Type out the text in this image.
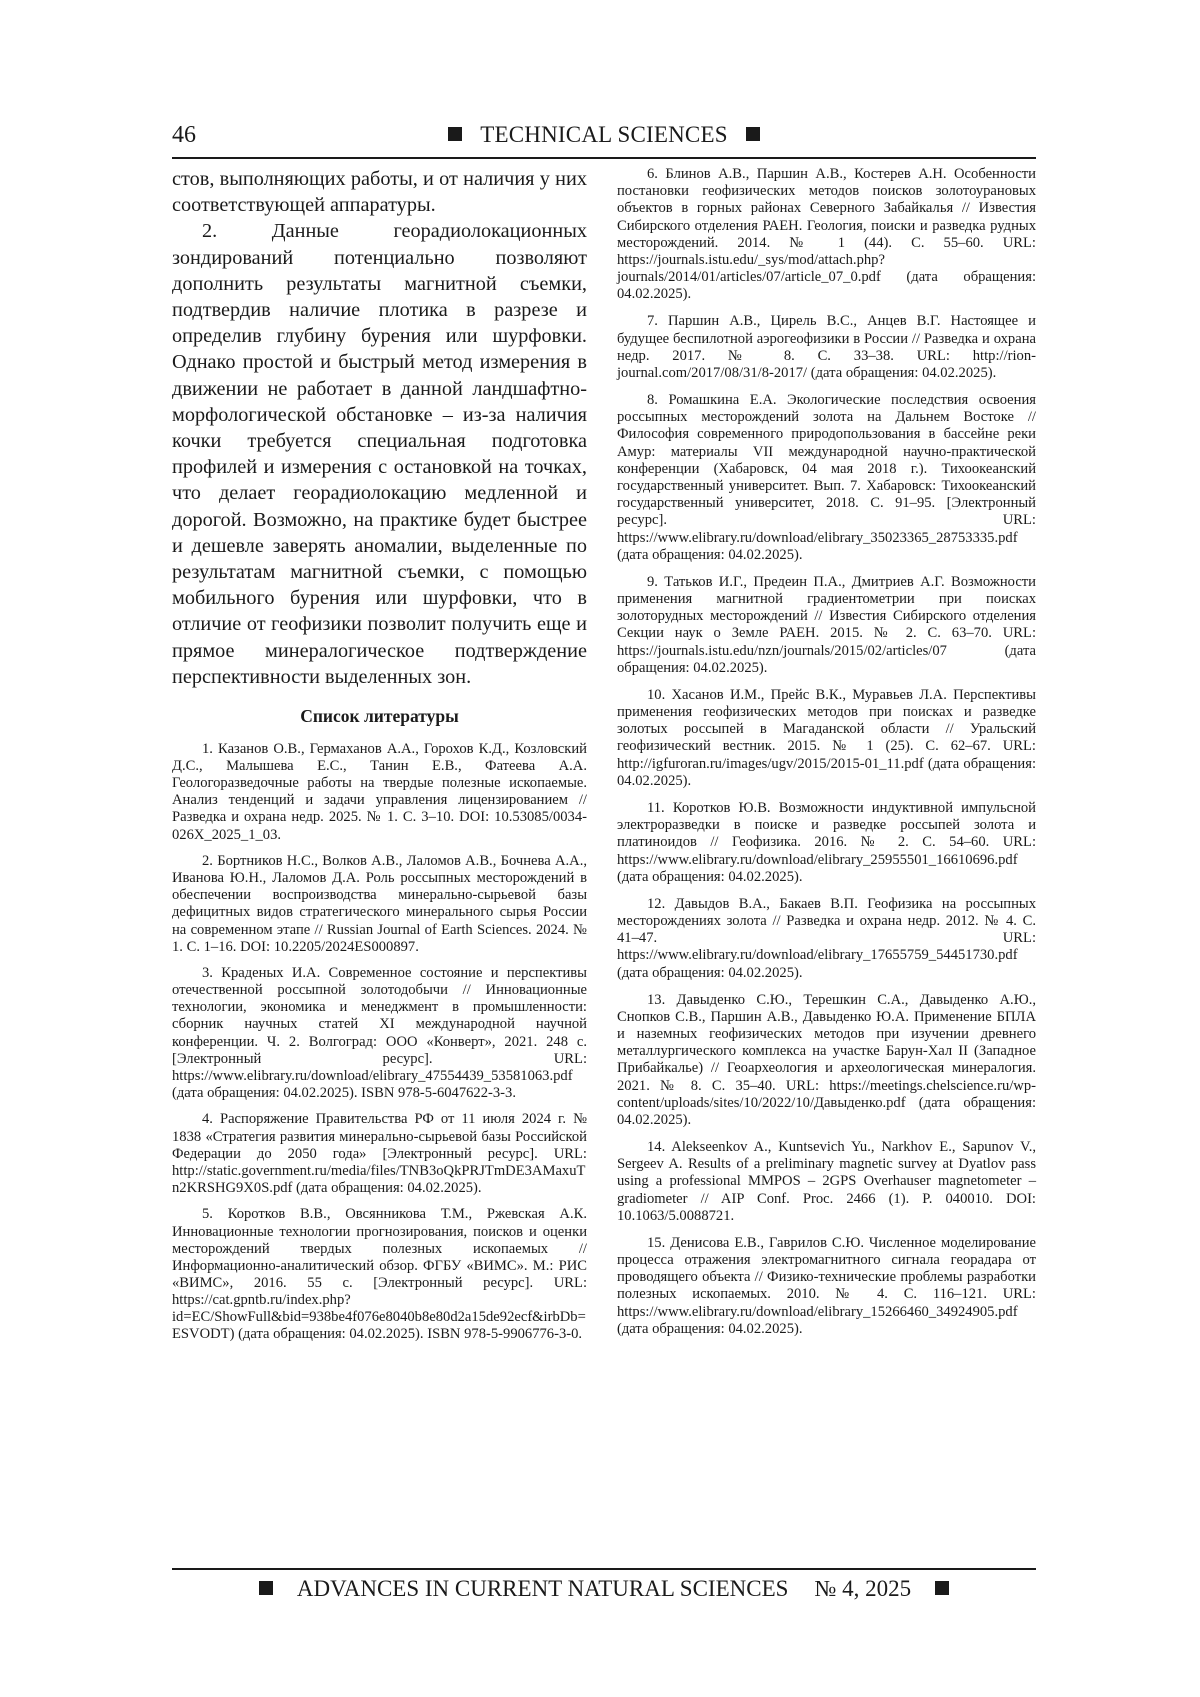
46	TECHNICAL SCIENCES

стов, выполняющих работы, и от наличия у них соответствующей аппаратуры.

2. Данные георадиолокационных зондирований потенциально позволяют дополнить результаты магнитной съемки, подтвердив наличие плотика в разрезе и определив глубину бурения или шурфовки. Однако простой и быстрый метод измерения в движении не работает в данной ландшафтно-морфологической обстановке – из-за наличия кочки требуется специальная подготовка профилей и измерения с остановкой на точках, что делает георадиолокацию медленной и дорогой. Возможно, на практике будет быстрее и дешевле заверять аномалии, выделенные по результатам магнитной съемки, с помощью мобильного бурения или шурфовки, что в отличие от геофизики позволит получить еще и прямое минералогическое подтверждение перспективности выделенных зон.

Список литературы

1. Казанов О.В., Гермаханов А.А., Горохов К.Д., Козловский Д.С., Малышева Е.С., Танин Е.В., Фатеева А.А. Геологоразведочные работы на твердые полезные ископаемые. Анализ тенденций и задачи управления лицензированием // Разведка и охрана недр. 2025. № 1. С. 3–10. DOI: 10.53085/0034-026X_2025_1_03.

2. Бортников Н.С., Волков А.В., Лаломов А.В., Бочнева А.А., Иванова Ю.Н., Лаломов Д.А. Роль россыпных месторождений в обеспечении воспроизводства минерально-сырьевой базы дефицитных видов стратегического минерального сырья России на современном этапе // Russian Journal of Earth Sciences. 2024. № 1. С. 1–16. DOI: 10.2205/2024ES000897.

3. Краденых И.А. Современное состояние и перспективы отечественной россыпной золотодобычи // Инновационные технологии, экономика и менеджмент в промышленности: сборник научных статей XI международной научной конференции. Ч. 2. Волгоград: ООО «Конверт», 2021. 248 с. [Электронный ресурс]. URL: https://www.elibrary.ru/download/elibrary_47554439_53581063.pdf (дата обращения: 04.02.2025). ISBN 978-5-6047622-3-3.

4. Распоряжение Правительства РФ от 11 июля 2024 г. № 1838 «Стратегия развития минерально-сырьевой базы Российской Федерации до 2050 года» [Электронный ресурс]. URL: http://static.government.ru/media/files/TNB3oQkPRJTmDE3AMaxuTn2KRSHG9X0S.pdf (дата обращения: 04.02.2025).

5. Коротков В.В., Овсянникова Т.М., Ржевская А.К. Инновационные технологии прогнозирования, поисков и оценки месторождений твердых полезных ископаемых // Информационно-аналитический обзор. ФГБУ «ВИМС». М.: РИС «ВИМС», 2016. 55 с. [Электронный ресурс]. URL: https://cat.gpntb.ru/index.php?id=EC/ShowFull&bid=938be4f076e8040b8e80d2a15de92ecf&irbDb=ESVODT) (дата обращения: 04.02.2025). ISBN 978-5-9906776-3-0.

6. Блинов А.В., Паршин А.В., Костерев А.Н. Особенности постановки геофизических методов поисков золотоурановых объектов в горных районах Северного Забайкалья // Известия Сибирского отделения РАЕН. Геология, поиски и разведка рудных месторождений. 2014. № 1 (44). С. 55–60. URL: https://journals.istu.edu/_sys/mod/attach.php?journals/2014/01/articles/07/article_07_0.pdf (дата обращения: 04.02.2025).

7. Паршин А.В., Цирель В.С., Анцев В.Г. Настоящее и будущее беспилотной аэрогеофизики в России // Разведка и охрана недр. 2017. № 8. С. 33–38. URL: http://rion-journal.com/2017/08/31/8-2017/ (дата обращения: 04.02.2025).

8. Ромашкина Е.А. Экологические последствия освоения россыпных месторождений золота на Дальнем Востоке // Философия современного природопользования в бассейне реки Амур: материалы VII международной научно-практической конференции (Хабаровск, 04 мая 2018 г.). Тихоокеанский государственный университет. Вып. 7. Хабаровск: Тихоокеанский государственный университет, 2018. С. 91–95. [Электронный ресурс]. URL: https://www.elibrary.ru/download/elibrary_35023365_28753335.pdf (дата обращения: 04.02.2025).

9. Татьков И.Г., Предеин П.А., Дмитриев А.Г. Возможности применения магнитной градиентометрии при поисках золоторудных месторождений // Известия Сибирского отделения Секции наук о Земле РАЕН. 2015. № 2. С. 63–70. URL: https://journals.istu.edu/nzn/journals/2015/02/articles/07 (дата обращения: 04.02.2025).

10. Хасанов И.М., Прейс В.К., Муравьев Л.А. Перспективы применения геофизических методов при поисках и разведке золотых россыпей в Магаданской области // Уральский геофизический вестник. 2015. № 1 (25). С. 62–67. URL: http://igfuroran.ru/images/ugv/2015/2015-01_11.pdf (дата обращения: 04.02.2025).

11. Коротков Ю.В. Возможности индуктивной импульсной электроразведки в поиске и разведке россыпей золота и платиноидов // Геофизика. 2016. № 2. С. 54–60. URL: https://www.elibrary.ru/download/elibrary_25955501_16610696.pdf (дата обращения: 04.02.2025).

12. Давыдов В.А., Бакаев В.П. Геофизика на россыпных месторождениях золота // Разведка и охрана недр. 2012. № 4. С. 41–47. URL: https://www.elibrary.ru/download/elibrary_17655759_54451730.pdf (дата обращения: 04.02.2025).

13. Давыденко С.Ю., Терешкин С.А., Давыденко А.Ю., Снопков С.В., Паршин А.В., Давыденко Ю.А. Применение БПЛА и наземных геофизических методов при изучении древнего металлургического комплекса на участке Барун-Хал II (Западное Прибайкалье) // Геоархеология и археологическая минералогия. 2021. № 8. С. 35–40. URL: https://meetings.chelscience.ru/wp-content/uploads/sites/10/2022/10/Давыденко.pdf (дата обращения: 04.02.2025).

14. Alekseenkov A., Kuntsevich Yu., Narkhov E., Sapunov V., Sergeev A. Results of a preliminary magnetic survey at Dyatlov pass using a professional MMPOS – 2GPS Overhauser magnetometer – gradiometer // AIP Conf. Proc. 2466 (1). P. 040010. DOI: 10.1063/5.0088721.

15. Денисова Е.В., Гаврилов С.Ю. Численное моделирование процесса отражения электромагнитного сигнала георадара от проводящего объекта // Физико-технические проблемы разработки полезных ископаемых. 2010. № 4. С. 116–121. URL: https://www.elibrary.ru/download/elibrary_15266460_34924905.pdf (дата обращения: 04.02.2025).

ADVANCES IN CURRENT NATURAL SCIENCES № 4, 2025
